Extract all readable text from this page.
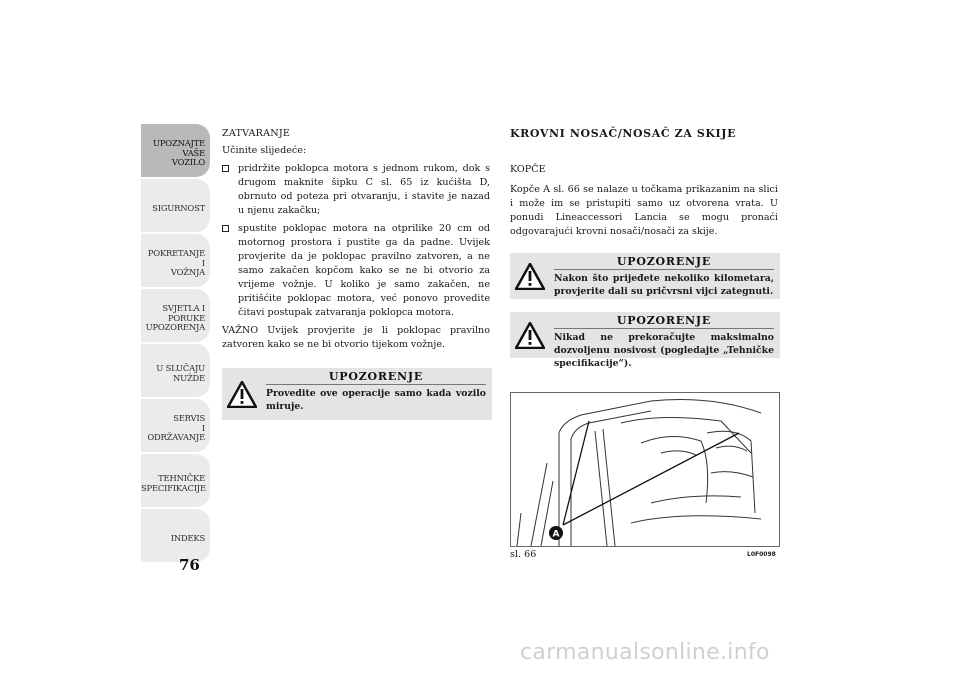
UPOZNAJTE
VAŠE
VOZILO
SIGURNOST
POKRETANJE
I
VOŽNJA
SVJETLA I
PORUKE
UPOZORENJA
U SLUČAJU
NUŽDE
SERVIS
I
ODRŽAVANJE
TEHNIČKE
SPECIFIKACIJE
INDEKS
76

ZATVARANJE

Učinite slijedeće:

pridržite poklopca motora s jednom rukom, dok s drugom maknite šipku C sl. 65 iz kućišta D, obrnuto od poteza pri otvaranju, i stavite je nazad u njenu zakačku;
spustite poklopac motora na otprilike 20 cm od motornog prostora i pustite ga da padne. Uvijek provjerite da je poklopac pravilno zatvoren, a ne samo zakačen kopčom kako se ne bi otvorio za vrijeme vožnje. U koliko je samo zakačen, ne pritišćite poklopac motora, već ponovo provedite čitavi postupak zatvaranja poklopca motora.

VAŽNO Uvijek provjerite je li poklopac pravilno zatvoren kako se ne bi otvorio tijekom vožnje.

UPOZORENJE
Provedite ove operacije samo kada vozilo miruje.
KROVNI NOSAČ/NOSAČ ZA SKIJE

KOPČE

Kopče A sl. 66 se nalaze u točkama prikazanim na slici i može im se pristupiti samo uz otvorena vrata. U ponudi Lineaccessori Lancia se mogu pronaći odgovarajući krovni nosači/nosači za skije.

UPOZORENJE
Nakon što prijeđete nekoliko kilometara, provjerite dali su pričvrsni vijci zategnuti.
UPOZORENJE
Nikad ne prekoračujte maksimalno dozvoljenu nosivost (pogledajte „Tehničke specifikacije“).
A
sl. 66	L0F0098
carmanualsonline.info
